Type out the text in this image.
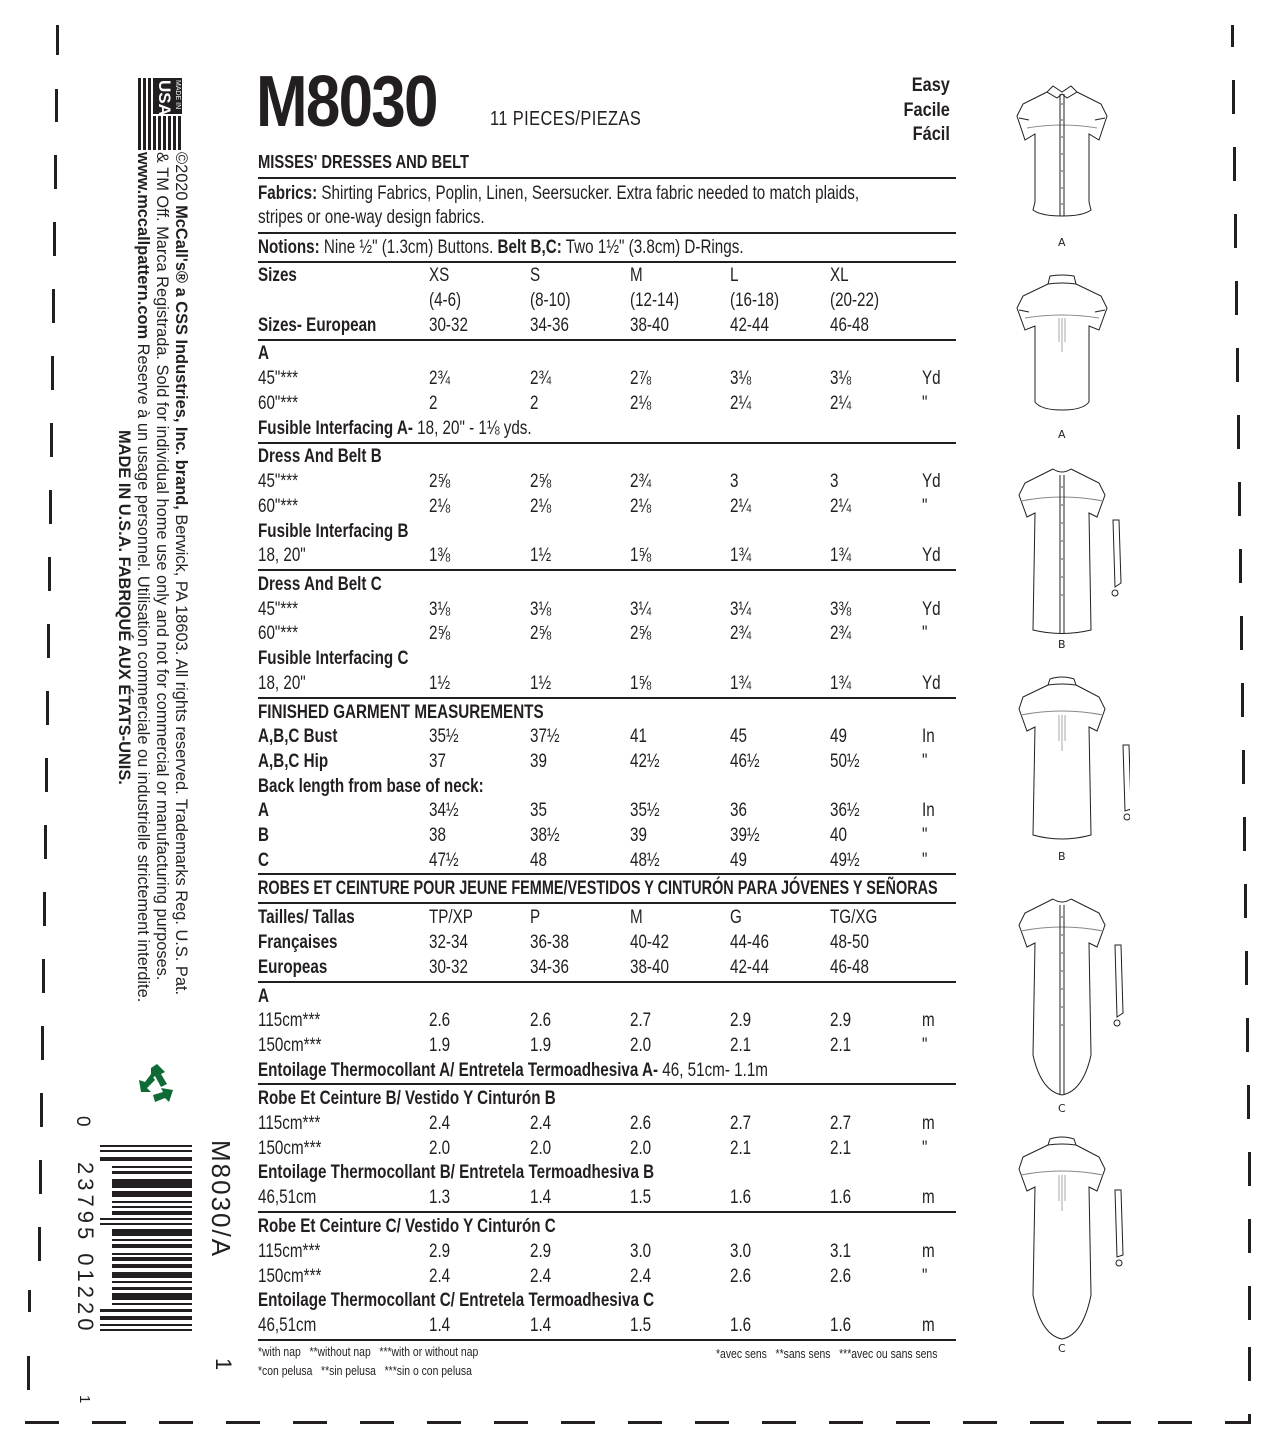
MADE IN
USA
©2020 McCall's® a CSS Industries, Inc. brand, Berwick, PA 18603. All rights reserved. Trademarks Reg. U.S. Pat.
& TM Off. Marca Registrada. Sold for individual home use only and not for commercial or manufacturing purposes.
www.mccallpattern.com Reserve à un usage personnel. Utilisation commerciale ou industrielle strictement interdite.
MADE IN U.S.A. FABRIQUÉ AUX ÉTATS-UNIS.
0
23795 01220
1
M8030/A
1
M8030	11 PIECES/PIEZAS
Easy
Facile
Fácil
MISSES' DRESSES AND BELT
Fabrics: Shirting Fabrics, Poplin, Linen, Seersucker. Extra fabric needed to match plaids,
stripes or one-way design fabrics.
Notions: Nine ½" (1.3cm) Buttons. Belt B,C: Two 1½" (3.8cm) D-Rings.
Sizes	XS	S	M	L	XL
(4-6)	(8-10)	(12-14)	(16-18)	(20-22)
Sizes- European	30-32	34-36	38-40	42-44	46-48
A
45"***	2¾	2¾	2⅞	3⅛	3⅛	Yd
60"***	2	2	2⅛	2¼	2¼	"
Fusible Interfacing A- 18, 20" - 1⅛ yds.
Dress And Belt B
45"***	2⅝	2⅝	2¾	3	3	Yd
60"***	2⅛	2⅛	2⅛	2¼	2¼	"
Fusible Interfacing B
18, 20"	1⅜	1½	1⅝	1¾	1¾	Yd
Dress And Belt C
45"***	3⅛	3⅛	3¼	3¼	3⅜	Yd
60"***	2⅝	2⅝	2⅝	2¾	2¾	"
Fusible Interfacing C
18, 20"	1½	1½	1⅝	1¾	1¾	Yd
FINISHED GARMENT MEASUREMENTS
A,B,C Bust	35½	37½	41	45	49	In
A,B,C Hip	37	39	42½	46½	50½	"
Back length from base of neck:
A	34½	35	35½	36	36½	In
B	38	38½	39	39½	40	"
C	47½	48	48½	49	49½	"
ROBES ET CEINTURE POUR JEUNE FEMME/VESTIDOS Y CINTURÓN PARA JÓVENES Y SEÑORAS
Tailles/ Tallas	TP/XP	P	M	G	TG/XG
Françaises	32-34	36-38	40-42	44-46	48-50
Europeas	30-32	34-36	38-40	42-44	46-48
A
115cm***	2.6	2.6	2.7	2.9	2.9	m
150cm***	1.9	1.9	2.0	2.1	2.1	"
Entoilage Thermocollant A/ Entretela Termoadhesiva A- 46, 51cm- 1.1m
Robe Et Ceinture B/ Vestido Y Cinturón B
115cm***	2.4	2.4	2.6	2.7	2.7	m
150cm***	2.0	2.0	2.0	2.1	2.1	"
Entoilage Thermocollant B/ Entretela Termoadhesiva B
46,51cm	1.3	1.4	1.5	1.6	1.6	m
Robe Et Ceinture C/ Vestido Y Cinturón C
115cm***	2.9	2.9	3.0	3.0	3.1	m
150cm***	2.4	2.4	2.4	2.6	2.6	"
Entoilage Thermocollant C/ Entretela Termoadhesiva C
46,51cm	1.4	1.4	1.5	1.6	1.6	m
*with nap   **without nap   ***with or without nap
*con pelusa   **sin pelusa   ***sin o con pelusa
*avec sens   **sans sens   ***avec ou sans sens
A
A
B
B
C
C
